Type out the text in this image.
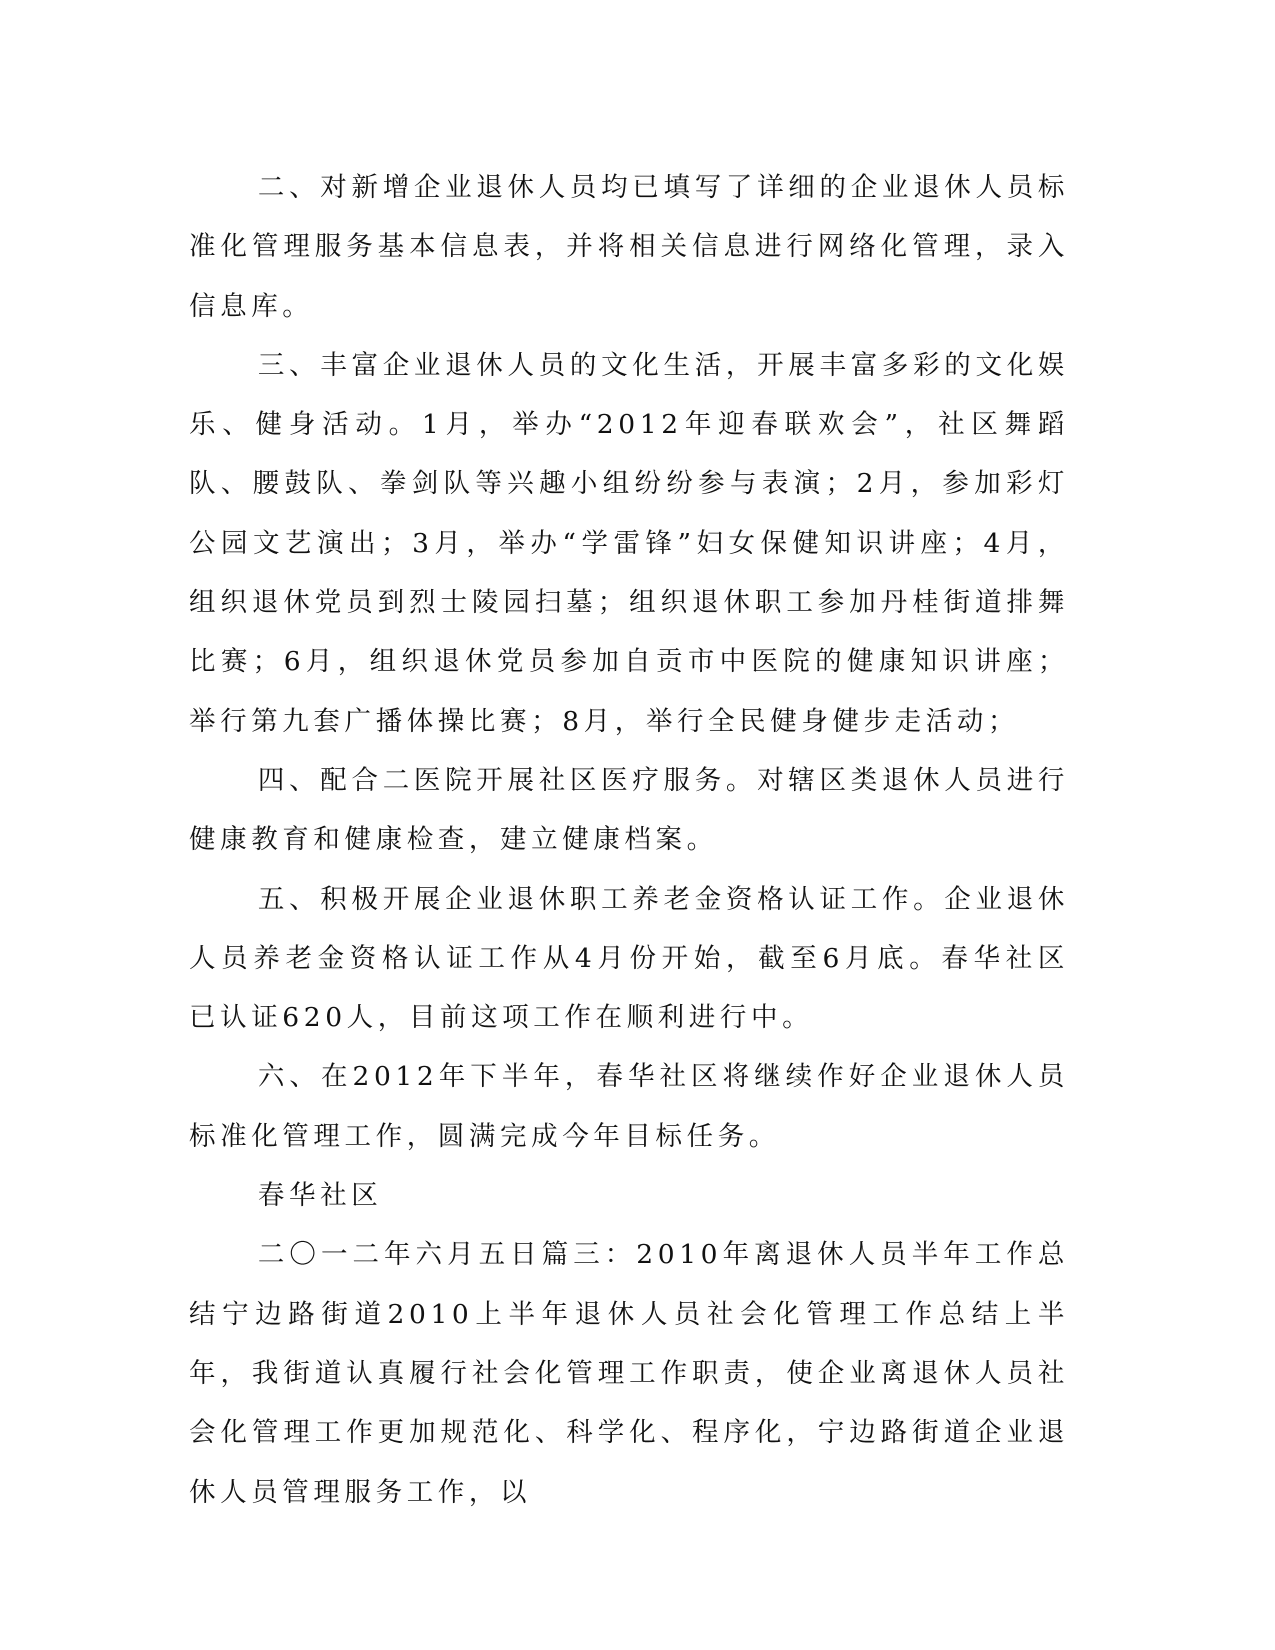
二、对新增企业退休人员均已填写了详细的企业退休人员标准化管理服务基本信息表，并将相关信息进行网络化管理，录入信息库。

三、丰富企业退休人员的文化生活，开展丰富多彩的文化娱乐、健身活动。1月，举办“2012年迎春联欢会”，社区舞蹈队、腰鼓队、拳剑队等兴趣小组纷纷参与表演；2月，参加彩灯公园文艺演出；3月，举办“学雷锋”妇女保健知识讲座；4月，组织退休党员到烈士陵园扫墓；组织退休职工参加丹桂街道排舞比赛；6月，组织退休党员参加自贡市中医院的健康知识讲座；举行第九套广播体操比赛；8月，举行全民健身健步走活动；

四、配合二医院开展社区医疗服务。对辖区类退休人员进行健康教育和健康检查，建立健康档案。

五、积极开展企业退休职工养老金资格认证工作。企业退休人员养老金资格认证工作从4月份开始，截至6月底。春华社区已认证620人，目前这项工作在顺利进行中。

六、在2012年下半年，春华社区将继续作好企业退休人员标准化管理工作，圆满完成今年目标任务。

春华社区

二〇一二年六月五日篇三：2010年离退休人员半年工作总结宁边路街道2010上半年退休人员社会化管理工作总结上半年，我街道认真履行社会化管理工作职责，使企业离退休人员社会化管理工作更加规范化、科学化、程序化，宁边路街道企业退休人员管理服务工作，以
